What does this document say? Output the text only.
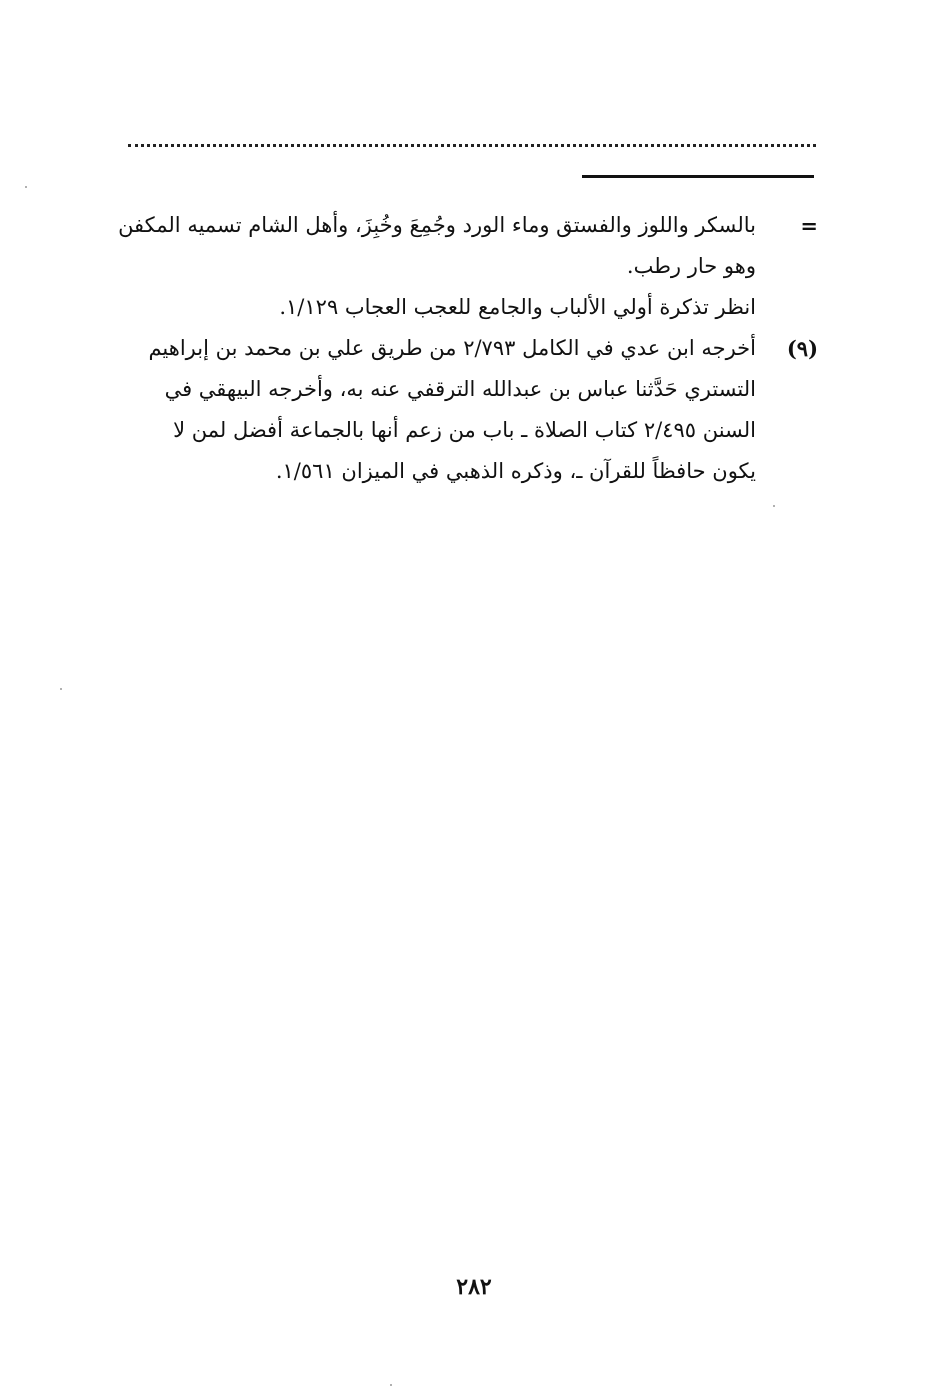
=
بالسكر واللوز والفستق وماء الورد وجُمِعَ وخُبِزَ، وأهل الشام تسميه المكفن
وهو حار رطب.
انظر تذكرة أولي الألباب والجامع للعجب العجاب ١/١٢٩.
(٩)
أخرجه ابن عدي في الكامل ٢/٧٩٣ من طريق علي بن محمد بن إبراهيم
التستري حَدَّثنا عباس بن عبدالله الترقفي عنه به، وأخرجه البيهقي في
السنن ٢/٤٩٥ كتاب الصلاة ـ باب من زعم أنها بالجماعة أفضل لمن لا
يكون حافظاً للقرآن ـ، وذكره الذهبي في الميزان ١/٥٦١.
٢٨٢
